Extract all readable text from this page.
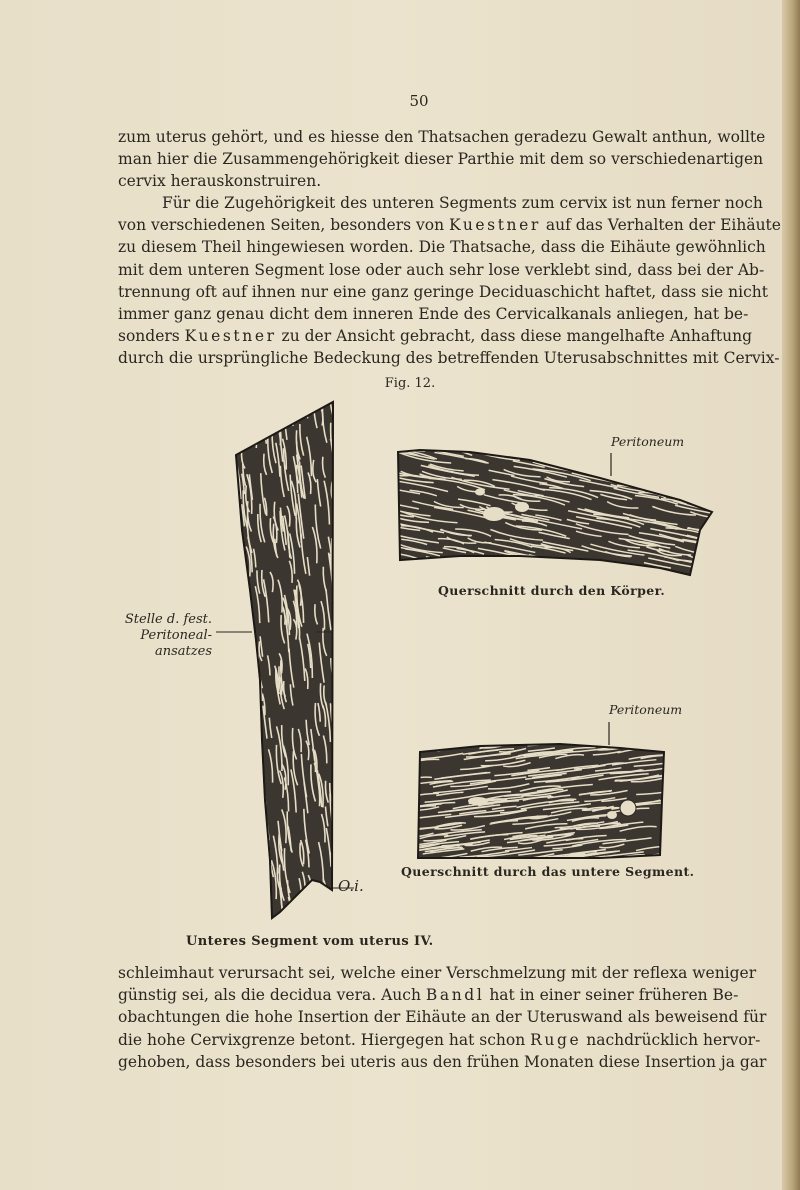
50
zum uterus gehört, und es hiesse den Thatsachen geradezu Gewalt anthun, wollte
man hier die Zusammengehörigkeit dieser Parthie mit dem so verschiedenartigen
cervix herauskonstruiren.
Für die Zugehörigkeit des unteren Segments zum cervix ist nun ferner noch
von verschiedenen Seiten, besonders von Kuestner auf das Verhalten der Eihäute
zu diesem Theil hingewiesen worden. Die Thatsache, dass die Eihäute gewöhnlich
mit dem unteren Segment lose oder auch sehr lose verklebt sind, dass bei der Ab-
trennung oft auf ihnen nur eine ganz geringe Deciduaschicht haftet, dass sie nicht
immer ganz genau dicht dem inneren Ende des Cervicalkanals anliegen, hat be-
sonders Kuestner zu der Ansicht gebracht, dass diese mangelhafte Anhaftung
durch die ursprüngliche Bedeckung des betreffenden Uterusabschnittes mit Cervix-
Fig. 12.
Peritoneum
Peritoneum
Stelle d. fest.
Peritoneal-
ansatzes
O.i.
Querschnitt durch den Körper.
Querschnitt durch das untere Segment.
Unteres Segment vom uterus IV.
schleimhaut verursacht sei, welche einer Verschmelzung mit der reflexa weniger
günstig sei, als die decidua vera. Auch Bandl hat in einer seiner früheren Be-
obachtungen die hohe Insertion der Eihäute an der Uteruswand als beweisend für
die hohe Cervixgrenze betont. Hiergegen hat schon Ruge nachdrücklich hervor-
gehoben, dass besonders bei uteris aus den frühen Monaten diese Insertion ja gar
